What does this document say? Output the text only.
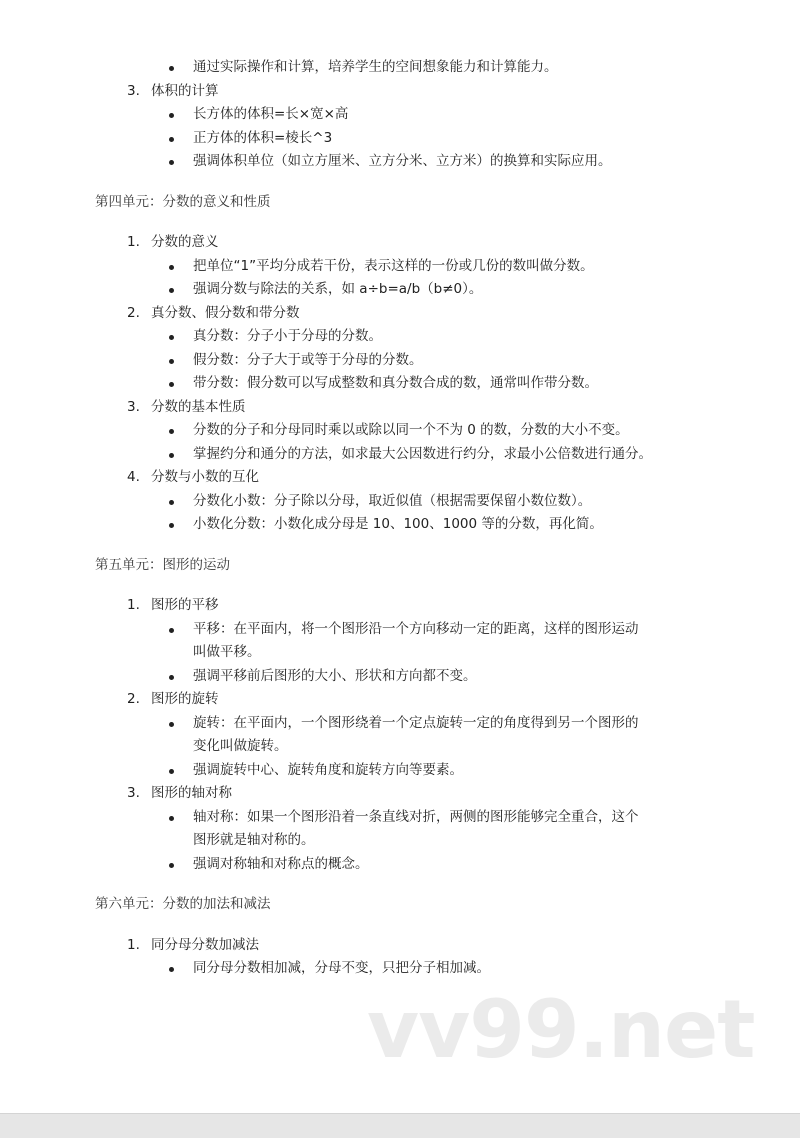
通过实际操作和计算，培养学生的空间想象能力和计算能力。
3. 体积的计算
长方体的体积=长×宽×高
正方体的体积=棱长^3
强调体积单位（如立方厘米、立方分米、立方米）的换算和实际应用。
第四单元：分数的意义和性质
1. 分数的意义
把单位“1”平均分成若干份，表示这样的一份或几份的数叫做分数。
强调分数与除法的关系，如 a÷b=a/b（b≠0）。
2. 真分数、假分数和带分数
真分数：分子小于分母的分数。
假分数：分子大于或等于分母的分数。
带分数：假分数可以写成整数和真分数合成的数，通常叫作带分数。
3. 分数的基本性质
分数的分子和分母同时乘以或除以同一个不为 0 的数，分数的大小不变。
掌握约分和通分的方法，如求最大公因数进行约分，求最小公倍数进行通分。
4. 分数与小数的互化
分数化小数：分子除以分母，取近似值（根据需要保留小数位数）。
小数化分数：小数化成分母是 10、100、1000 等的分数，再化简。
第五单元：图形的运动
1. 图形的平移
平移：在平面内，将一个图形沿一个方向移动一定的距离，这样的图形运动
叫做平移。
强调平移前后图形的大小、形状和方向都不变。
2. 图形的旋转
旋转：在平面内，一个图形绕着一个定点旋转一定的角度得到另一个图形的
变化叫做旋转。
强调旋转中心、旋转角度和旋转方向等要素。
3. 图形的轴对称
轴对称：如果一个图形沿着一条直线对折，两侧的图形能够完全重合，这个
图形就是轴对称的。
强调对称轴和对称点的概念。
第六单元：分数的加法和减法
1. 同分母分数加减法
同分母分数相加减，分母不变，只把分子相加减。
vv99.net
